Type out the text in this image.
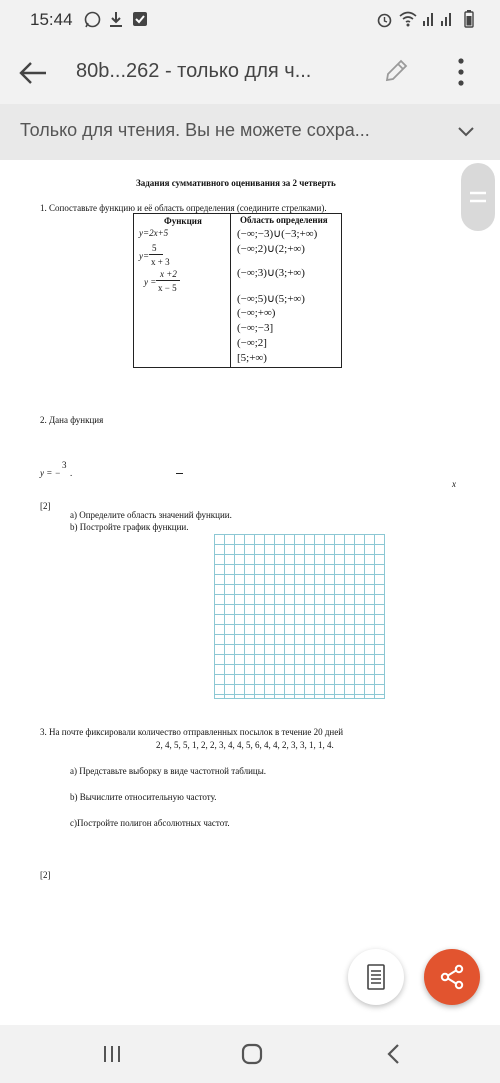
15:44
80b...262 - только для ч...
Только для чтения. Вы не можете сохра...
Задания суммативного оценивания за 2 четверть
1. Сопоставьте функцию и её область определения (соедините стрелками).
Функция	Область определения
y=2x+5
y=
5
x + 3
y =
x +2
x − 5
(−∞;−3)∪(−3;+∞)
(−∞;2)∪(2;+∞)
(−∞;3)∪(3;+∞)
(−∞;5)∪(5;+∞)
(−∞;+∞)
(−∞;−3]
(−∞;2]
[5;+∞)
2. Дана функция
y = −
3
.
x
[2]
a) Определите область значений функции.
b) Постройте график функции.
3. На почте фиксировали количество отправленных посылок в течение 20 дней
2, 4, 5, 5, 1, 2, 2, 3, 4, 4, 5, 6, 4, 4, 2, 3, 3, 1, 1, 4.
a) Представьте выборку в виде частотной таблицы.
b) Вычислите относительную частоту.
c)Постройте полигон абсолютных частот.
[2]
